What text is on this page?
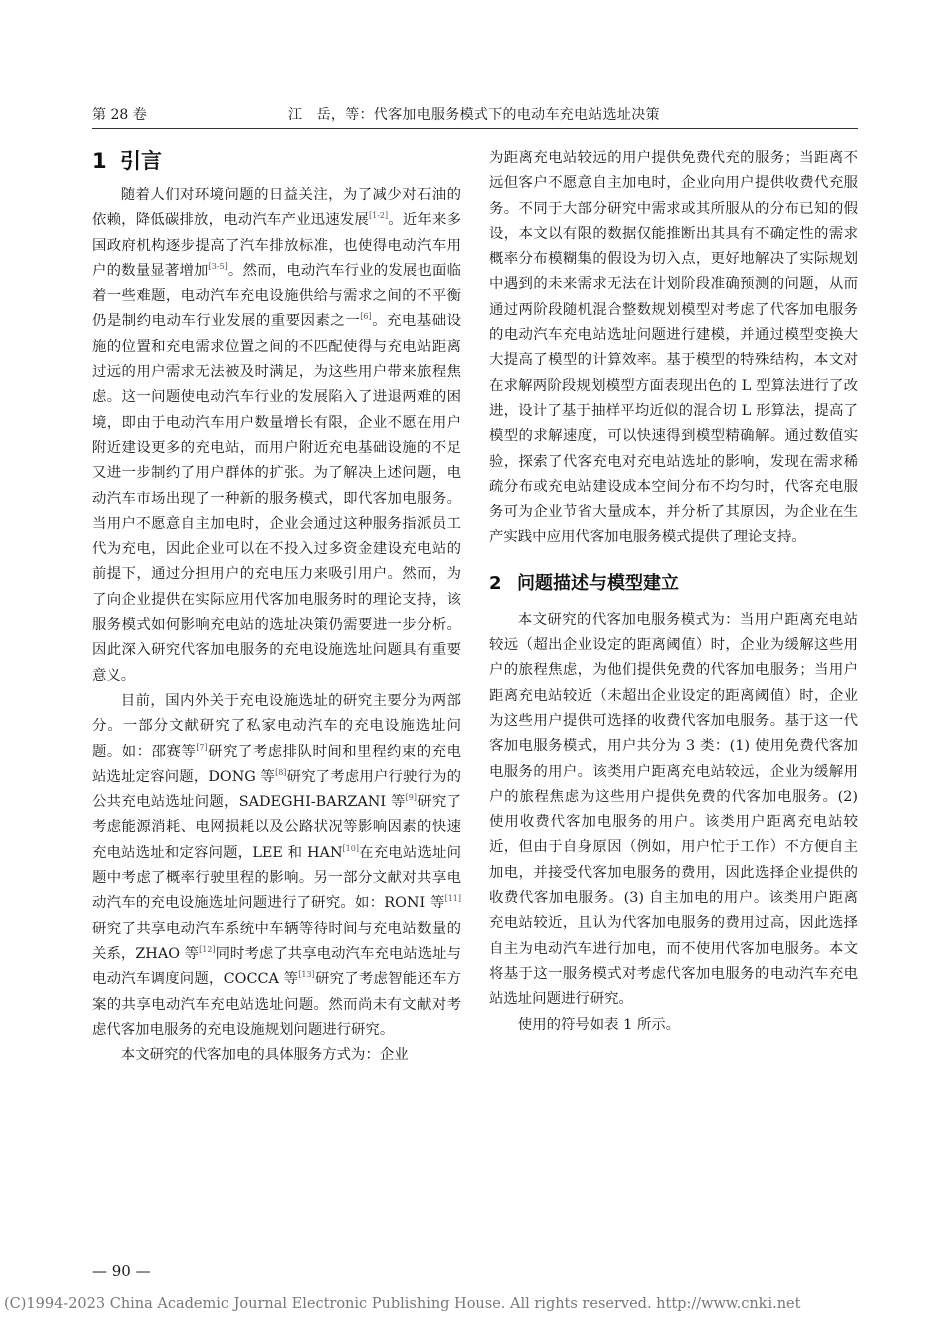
第 28 卷	江　岳，等：代客加电服务模式下的电动车充电站选址决策
1 引言

随着人们对环境问题的日益关注，为了减少对石油的依赖，降低碳排放，电动汽车产业迅速发展[1-2]。近年来多国政府机构逐步提高了汽车排放标准，也使得电动汽车用户的数量显著增加[3-5]。然而，电动汽车行业的发展也面临着一些难题，电动汽车充电设施供给与需求之间的不平衡仍是制约电动车行业发展的重要因素之一[6]。充电基础设施的位置和充电需求位置之间的不匹配使得与充电站距离过远的用户需求无法被及时满足，为这些用户带来旅程焦虑。这一问题使电动汽车行业的发展陷入了进退两难的困境，即由于电动汽车用户数量增长有限，企业不愿在用户附近建设更多的充电站，而用户附近充电基础设施的不足又进一步制约了用户群体的扩张。为了解决上述问题，电动汽车市场出现了一种新的服务模式，即代客加电服务。当用户不愿意自主加电时，企业会通过这种服务指派员工代为充电，因此企业可以在不投入过多资金建设充电站的前提下，通过分担用户的充电压力来吸引用户。然而，为了向企业提供在实际应用代客加电服务时的理论支持，该服务模式如何影响充电站的选址决策仍需要进一步分析。因此深入研究代客加电服务的充电设施选址问题具有重要意义。

目前，国内外关于充电设施选址的研究主要分为两部分。一部分文献研究了私家电动汽车的充电设施选址问题。如：邵赛等[7]研究了考虑排队时间和里程约束的充电站选址定容问题，DONG 等[8]研究了考虑用户行驶行为的公共充电站选址问题，SADEGHI-BARZANI 等[9]研究了考虑能源消耗、电网损耗以及公路状况等影响因素的快速充电站选址和定容问题，LEE 和 HAN[10]在充电站选址问题中考虑了概率行驶里程的影响。另一部分文献对共享电动汽车的充电设施选址问题进行了研究。如：RONI 等[11]研究了共享电动汽车系统中车辆等待时间与充电站数量的关系，ZHAO 等[12]同时考虑了共享电动汽车充电站选址与电动汽车调度问题，COCCA 等[13]研究了考虑智能还车方案的共享电动汽车充电站选址问题。然而尚未有文献对考虑代客加电服务的充电设施规划问题进行研究。

本文研究的代客加电的具体服务方式为：企业

为距离充电站较远的用户提供免费代充的服务；当距离不远但客户不愿意自主加电时，企业向用户提供收费代充服务。不同于大部分研究中需求或其所服从的分布已知的假设，本文以有限的数据仅能推断出其具有不确定性的需求概率分布模糊集的假设为切入点，更好地解决了实际规划中遇到的未来需求无法在计划阶段准确预测的问题，从而通过两阶段随机混合整数规划模型对考虑了代客加电服务的电动汽车充电站选址问题进行建模，并通过模型变换大大提高了模型的计算效率。基于模型的特殊结构，本文对在求解两阶段规划模型方面表现出色的 L 型算法进行了改进，设计了基于抽样平均近似的混合切 L 形算法，提高了模型的求解速度，可以快速得到模型精确解。通过数值实验，探索了代客充电对充电站选址的影响，发现在需求稀疏分布或充电站建设成本空间分布不均匀时，代客充电服务可为企业节省大量成本，并分析了其原因，为企业在生产实践中应用代客加电服务模式提供了理论支持。

2 问题描述与模型建立

本文研究的代客加电服务模式为：当用户距离充电站较远（超出企业设定的距离阈值）时，企业为缓解这些用户的旅程焦虑，为他们提供免费的代客加电服务；当用户距离充电站较近（未超出企业设定的距离阈值）时，企业为这些用户提供可选择的收费代客加电服务。基于这一代客加电服务模式，用户共分为 3 类：(1) 使用免费代客加电服务的用户。该类用户距离充电站较远，企业为缓解用户的旅程焦虑为这些用户提供免费的代客加电服务。(2) 使用收费代客加电服务的用户。该类用户距离充电站较近，但由于自身原因（例如，用户忙于工作）不方便自主加电，并接受代客加电服务的费用，因此选择企业提供的收费代客加电服务。(3) 自主加电的用户。该类用户距离充电站较近，且认为代客加电服务的费用过高，因此选择自主为电动汽车进行加电，而不使用代客加电服务。本文将基于这一服务模式对考虑代客加电服务的电动汽车充电站选址问题进行研究。

使用的符号如表 1 所示。

— 90 —
(C)1994-2023 China Academic Journal Electronic Publishing House. All rights reserved. http://www.cnki.net
